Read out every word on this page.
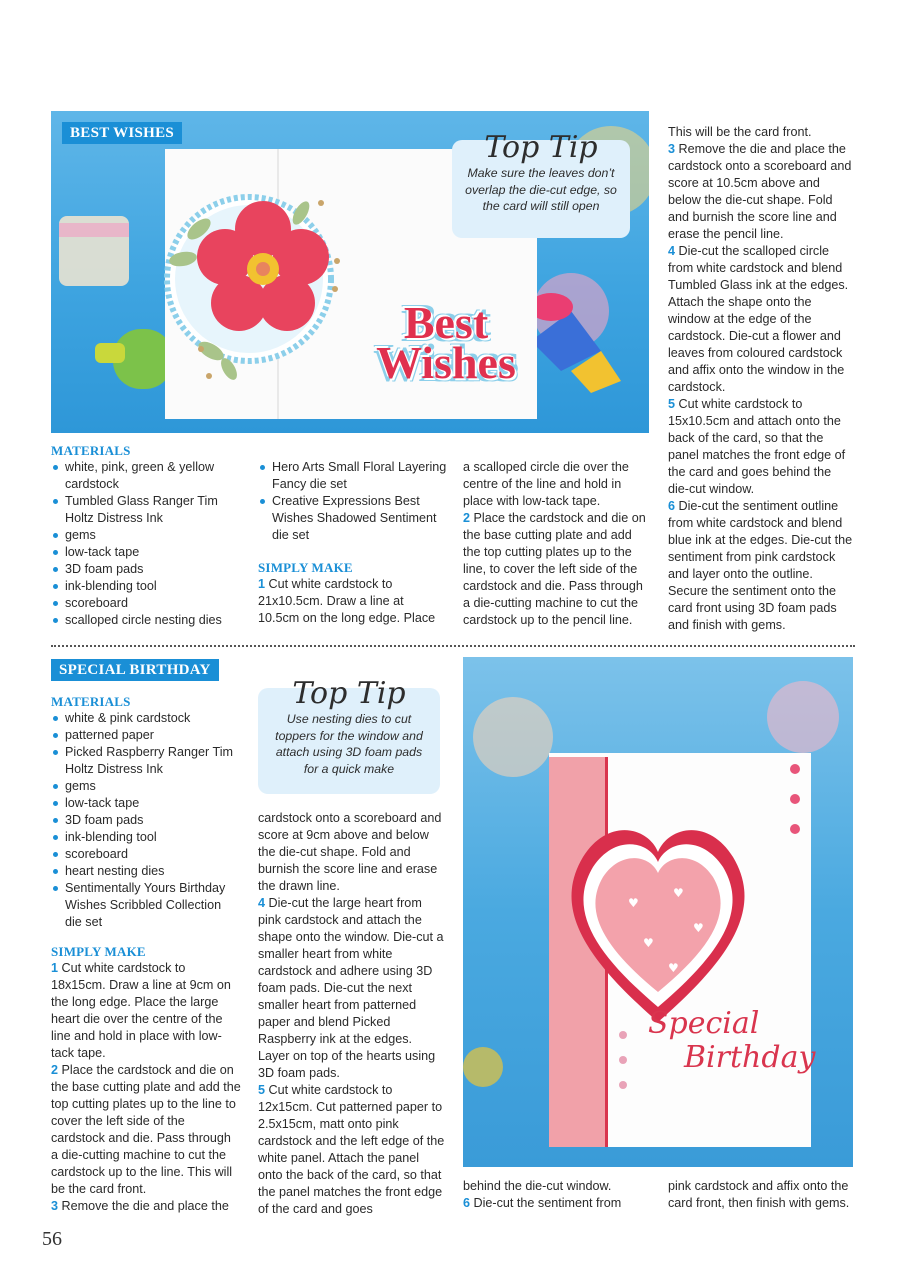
Best
Wishes
BEST WISHES	Top Tip
Make sure the leaves don’t overlap the die-cut edge, so the card will still open
MATERIALS
white, pink, green & yellow cardstock
Tumbled Glass Ranger Tim Holtz Distress Ink
gems
low-tack tape
3D foam pads
ink-blending tool
scoreboard
scalloped circle nesting dies
Hero Arts Small Floral Layering Fancy die set
Creative Expressions Best Wishes Shadowed Sentiment die set
SIMPLY MAKE
1 Cut white cardstock to 21x10.5cm. Draw a line at 10.5cm on the long edge. Place
a scalloped circle die over the centre of the line and hold in place with low-tack tape.
2 Place the cardstock and die on the base cutting plate and add the top cutting plates up to the line, to cover the left side of the cardstock and die. Pass through a die-cutting machine to cut the cardstock up to the pencil line.
This will be the card front.
3 Remove the die and place the cardstock onto a scoreboard and score at 10.5cm above and below the die-cut shape. Fold and burnish the score line and erase the pencil line.
4 Die-cut the scalloped circle from white cardstock and blend Tumbled Glass ink at the edges. Attach the shape onto the window at the edge of the cardstock. Die-cut a flower and leaves from coloured cardstock and affix onto the window in the cardstock.
5 Cut white cardstock to 15x10.5cm and attach onto the back of the card, so that the panel matches the front edge of the card and goes behind the die-cut window.
6 Die-cut the sentiment outline from white cardstock and blend blue ink at the edges. Die-cut the sentiment from pink cardstock and layer onto the outline. Secure the sentiment onto the card front using 3D foam pads and finish with gems.
SPECIAL BIRTHDAY
MATERIALS
white & pink cardstock
patterned paper
Picked Raspberry Ranger Tim Holtz Distress Ink
gems
low-tack tape
3D foam pads
ink-blending tool
scoreboard
heart nesting dies
Sentimentally Yours Birthday Wishes Scribbled Collection die set
SIMPLY MAKE
1 Cut white cardstock to 18x15cm. Draw a line at 9cm on the long edge. Place the large heart die over the centre of the line and hold in place with low-tack tape.
2 Place the cardstock and die on the base cutting plate and add the top cutting plates up to the line to cover the left side of the cardstock and die. Pass through a die-cutting machine to cut the cardstock up to the line. This will be the card front.
3 Remove the die and place the
Top Tip
Use nesting dies to cut toppers for the window and attach using 3D foam pads for a quick make
cardstock onto a scoreboard and score at 9cm above and below the die-cut shape. Fold and burnish the score line and erase the drawn line.
4 Die-cut the large heart from pink cardstock and attach the shape onto the window. Die-cut a smaller heart from white cardstock and adhere using 3D foam pads. Die-cut the next smaller heart from patterned paper and blend Picked Raspberry ink at the edges. Layer on top of the hearts using 3D foam pads.
5 Cut white cardstock to 12x15cm. Cut patterned paper to 2.5x15cm, matt onto pink cardstock and the left edge of the white panel. Attach the panel onto the back of the card, so that the panel matches the front edge of the card and goes
♥
♥
♥
♥
♥
Special
Birthday
behind the die-cut window.
6 Die-cut the sentiment from
pink cardstock and affix onto the card front, then finish with gems.
56
